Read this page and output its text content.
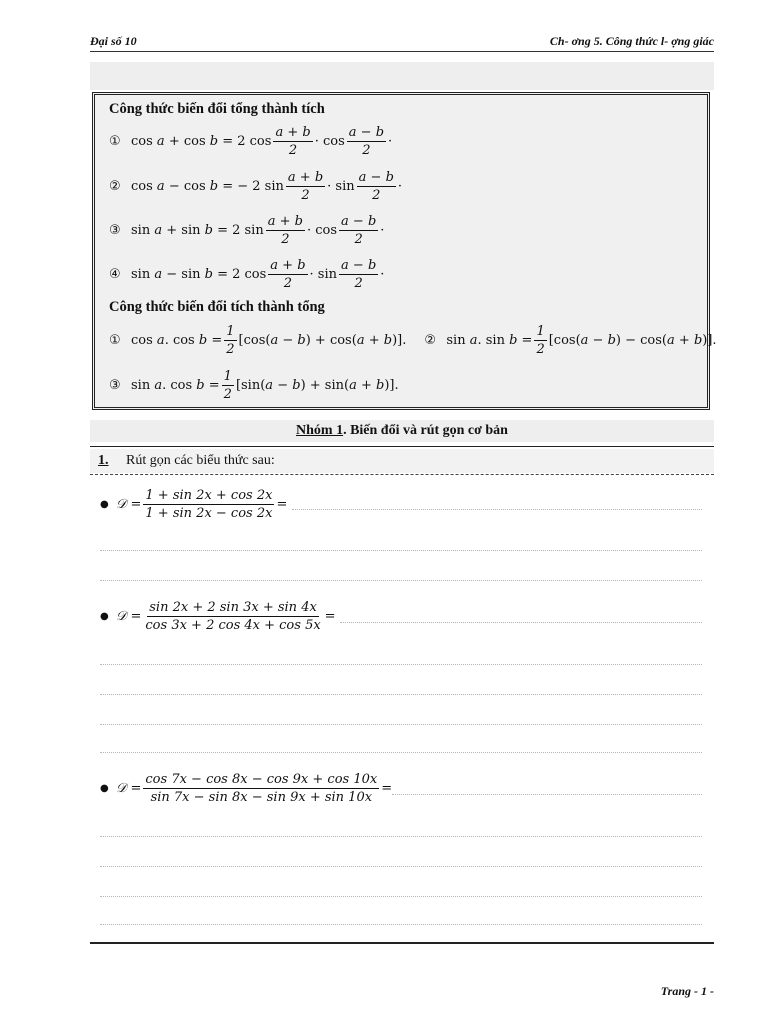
Đại số 10	Ch- ơng 5. Công thức l- ợng giác
Công thức biến đổi tổng thành tích
① cos a + cos b = 2 $\cos \frac{a + b}{2} \cdot \cos \frac{a - b}{2}$ ·
② cos a − cos b = − 2 $\sin \frac{a + b}{2} \cdot \sin \frac{a - b}{2}$ ·
③ sin a + sin b = 2 $\sin \frac{a + b}{2} \cdot \cos \frac{a - b}{2}$ ·
④ sin a − sin b = 2 $\cos \frac{a + b}{2} \cdot \sin \frac{a - b}{2}$ ·
Công thức biến đổi tích thành tổng
① cos a. $\cos b = \frac{1}{2} [\cos(a - b) + \cos(a + b)]$. ② sin a. $\sin b = \frac{1}{2} [\cos(a - b) - \cos(a + b)]$.
③ sin a. $\cos b = \frac{1}{2} [\sin(a - b) + \sin(a + b)]$.
Nhóm 1. Biến đổi và rút gọn cơ bản
1. Rút gọn các biểu thức sau:
● 𝒟 = $\frac{1 + \sin 2x + \cos 2x}{1 + \sin 2x - \cos 2x}$ =
● 𝒟 = $\frac{\sin 2x + 2 \sin 3x + \sin 4x}{\cos 3x + 2 \cos 4x + \cos 5x}$ =
● 𝒟 = $\frac{\cos 7x - \cos 8x - \cos 9x + \cos 10x}{\sin 7x - \sin 8x - \sin 9x + \sin 10x}$ =
Trang - 1 -
